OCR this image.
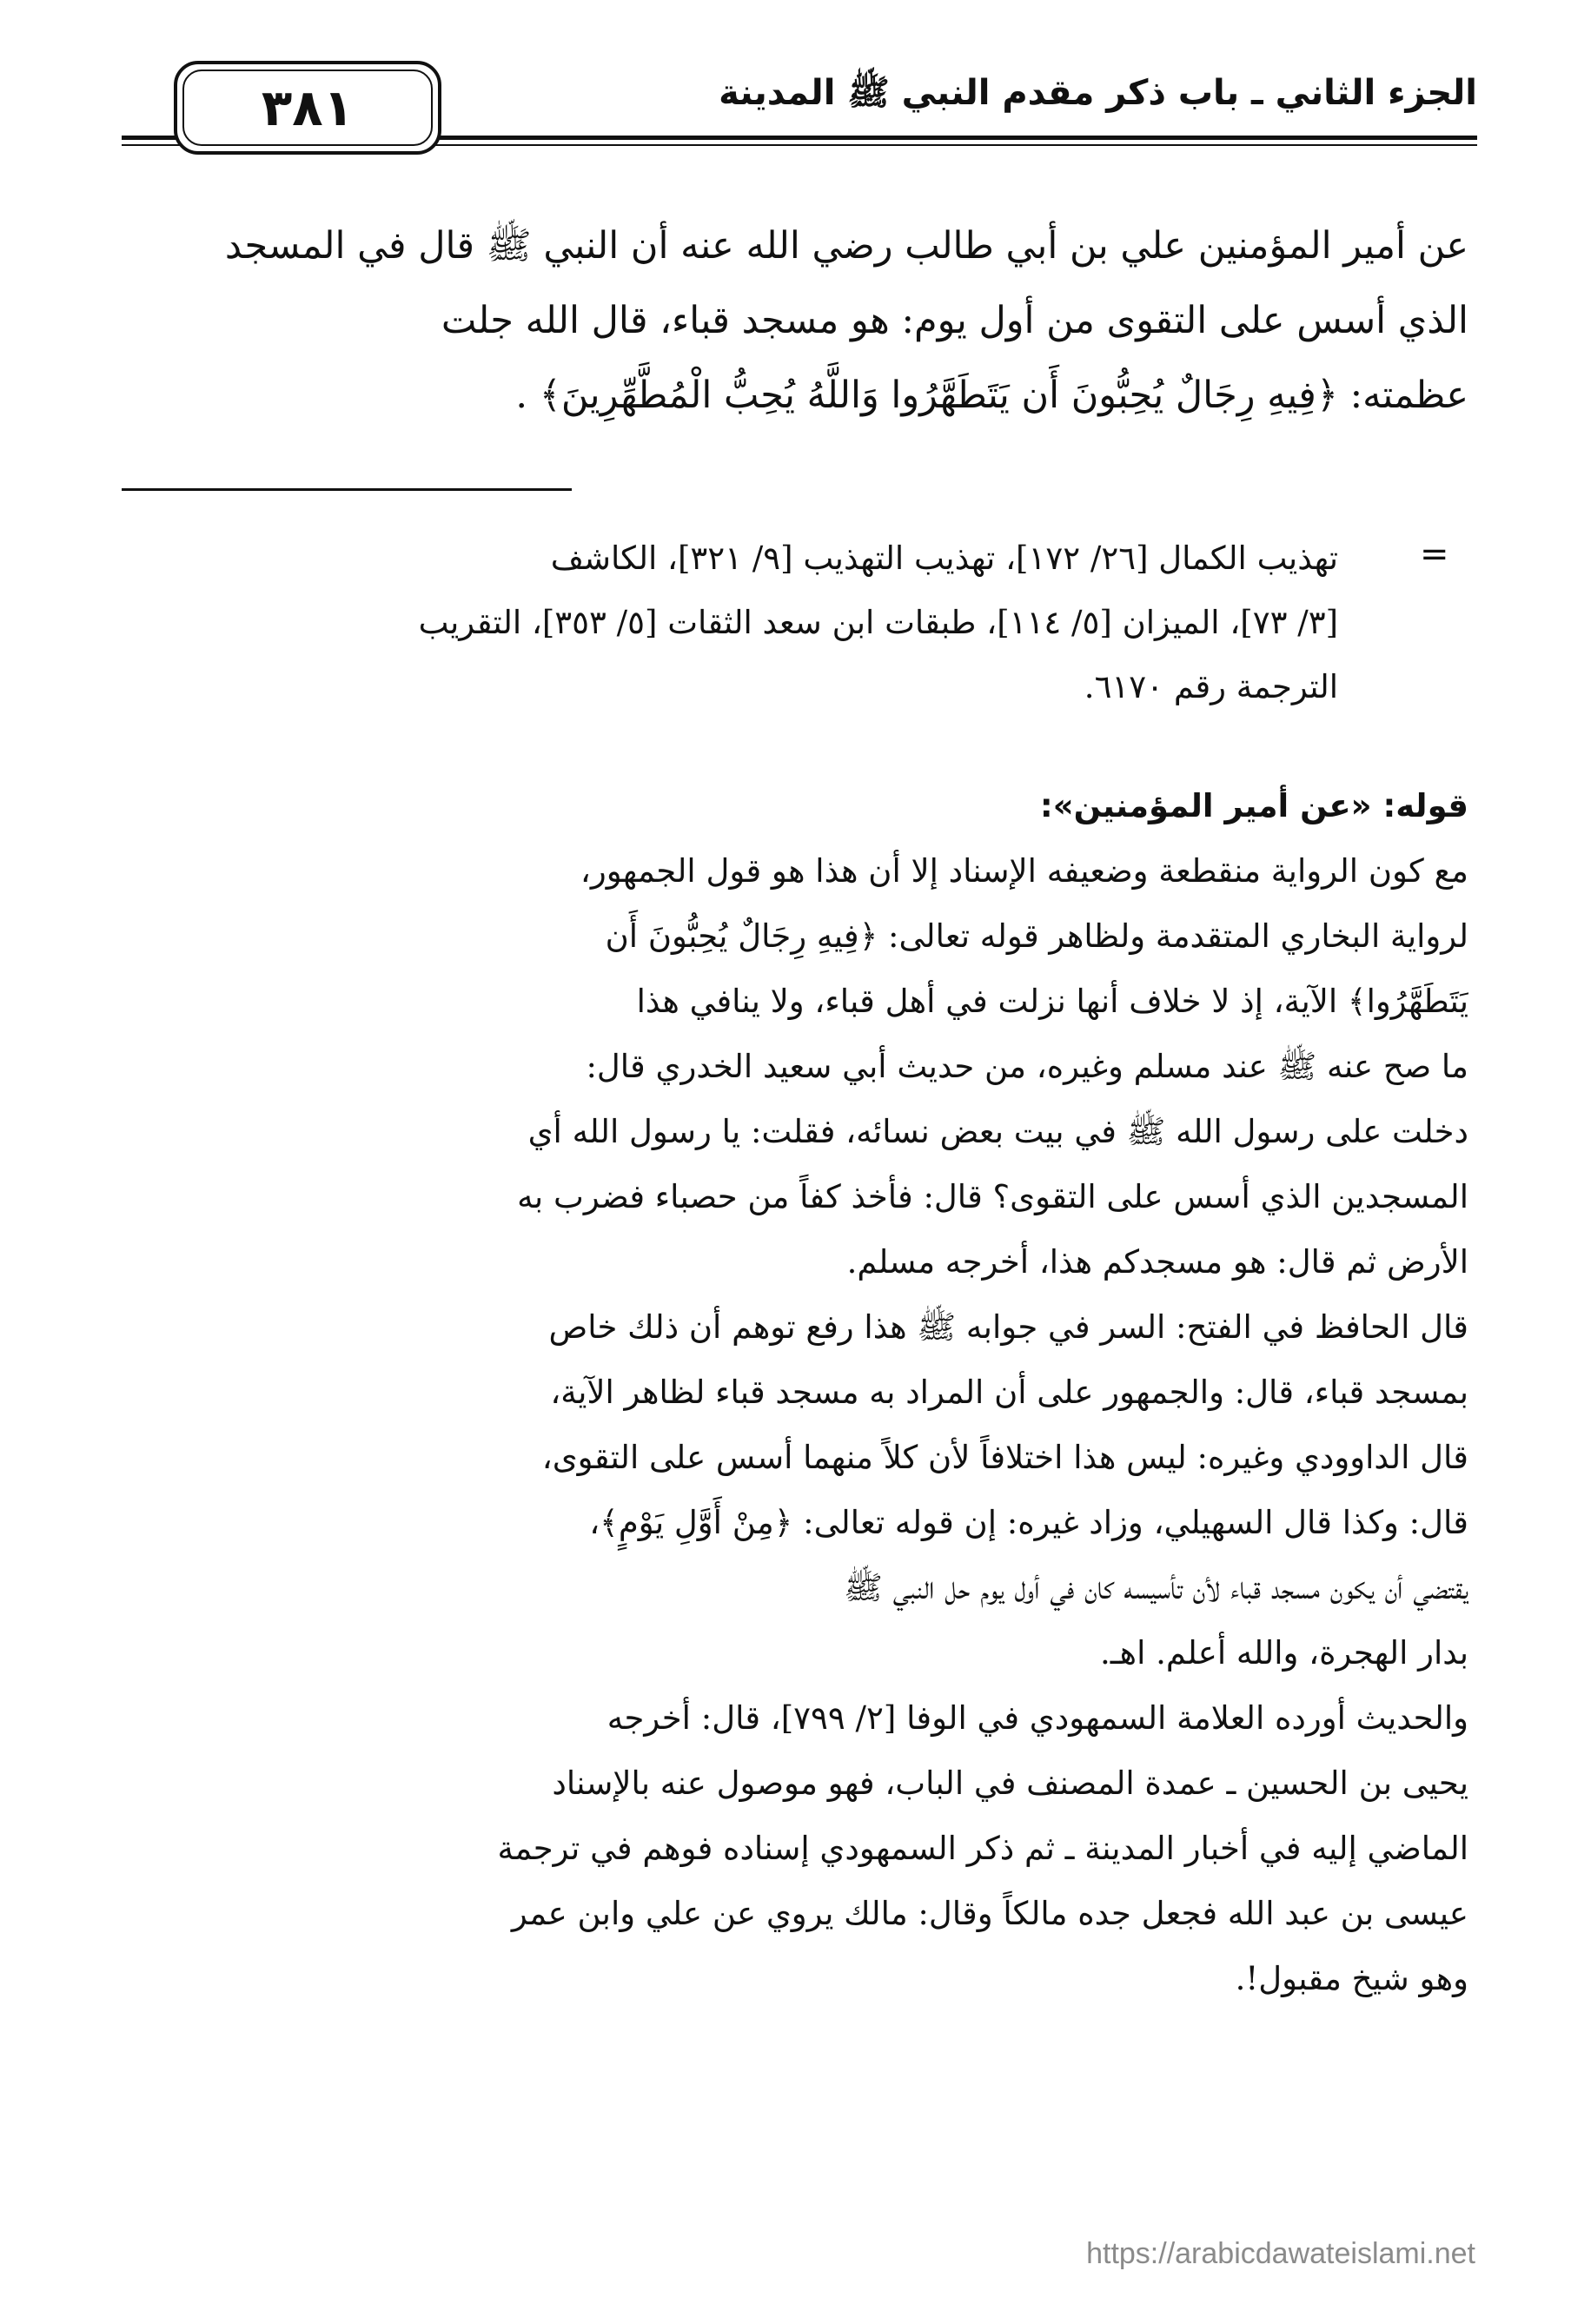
الجزء الثاني ـ باب ذكر مقدم النبي ﷺ المدينة
٣٨١
عن أمير المؤمنين علي بن أبي طالب رضي الله عنه أن النبي ﷺ قال في المسجد
الذي أسس على التقوى من أول يوم: هو مسجد قباء، قال الله جلت
عظمته: ﴿فِيهِ رِجَالٌ يُحِبُّونَ أَن يَتَطَهَّرُوا وَاللَّهُ يُحِبُّ الْمُطَّهِّرِينَ﴾ .
=
تهذيب الكمال [٢٦/ ١٧٢]، تهذيب التهذيب [٩/ ٣٢١]، الكاشف
[٣/ ٧٣]، الميزان [٥/ ١١٤]، طبقات ابن سعد الثقات [٥/ ٣٥٣]، التقريب
الترجمة رقم ٦١٧٠.
قوله: «عن أمير المؤمنين»:
مع كون الرواية منقطعة وضعيفه الإسناد إلا أن هذا هو قول الجمهور،
لرواية البخاري المتقدمة ولظاهر قوله تعالى: ﴿فِيهِ رِجَالٌ يُحِبُّونَ أَن
يَتَطَهَّرُوا﴾ الآية، إذ لا خلاف أنها نزلت في أهل قباء، ولا ينافي هذا
ما صح عنه ﷺ عند مسلم وغيره، من حديث أبي سعيد الخدري قال:
دخلت على رسول الله ﷺ في بيت بعض نسائه، فقلت: يا رسول الله أي
المسجدين الذي أسس على التقوى؟ قال: فأخذ كفاً من حصباء فضرب به
الأرض ثم قال: هو مسجدكم هذا، أخرجه مسلم.
قال الحافظ في الفتح: السر في جوابه ﷺ هذا رفع توهم أن ذلك خاص
بمسجد قباء، قال: والجمهور على أن المراد به مسجد قباء لظاهر الآية،
قال الداوودي وغيره: ليس هذا اختلافاً لأن كلاً منهما أسس على التقوى،
قال: وكذا قال السهيلي، وزاد غيره: إن قوله تعالى: ﴿مِنْ أَوَّلِ يَوْمٍ﴾،
يقتضي أن يكون مسجد قباء لأن تأسيسه كان في أول يوم حل النبي ﷺ
بدار الهجرة، والله أعلم. اهـ.
والحديث أورده العلامة السمهودي في الوفا [٢/ ٧٩٩]، قال: أخرجه
يحيى بن الحسين ـ عمدة المصنف في الباب، فهو موصول عنه بالإسناد
الماضي إليه في أخبار المدينة ـ ثم ذكر السمهودي إسناده فوهم في ترجمة
عيسى بن عبد الله فجعل جده مالكاً وقال: مالك يروي عن علي وابن عمر
وهو شيخ مقبول!.
https://arabicdawateislami.net
